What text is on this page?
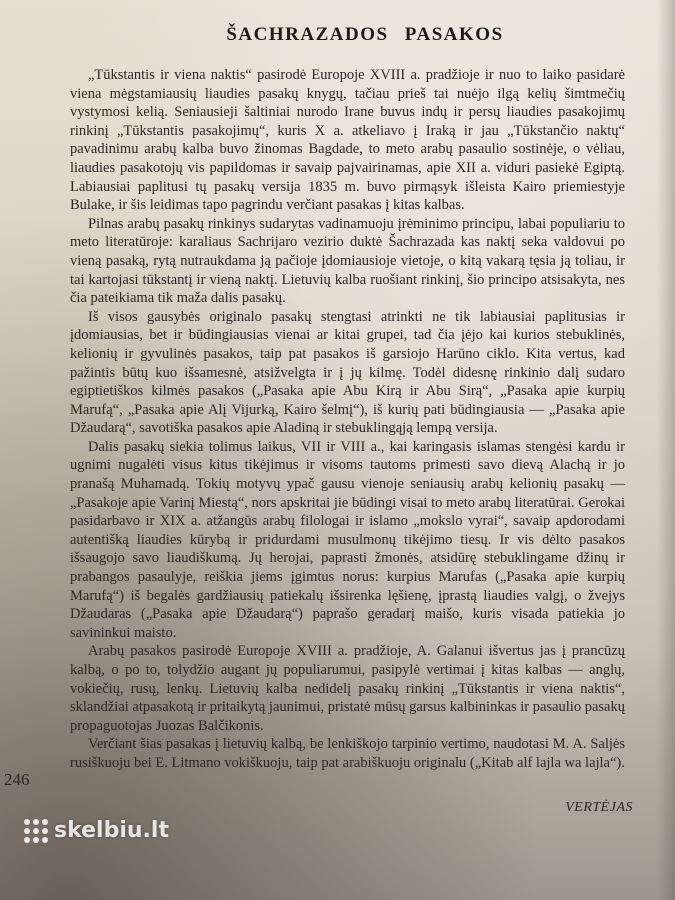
ŠACHRAZADOS PASAKOS

„Tūkstantis ir viena naktis“ pasirodė Europoje XVIII a. pradžioje ir nuo to laiko pasidarė viena mėgstamiausių liaudies pasakų knygų, tačiau prieš tai nuėjo ilgą kelių šimtmečių vystymosi kelią. Seniausieji šaltiniai nurodo Irane buvus indų ir persų liaudies pasakojimų rinkinį „Tūkstantis pasakojimų“, kuris X a. atkeliavo į Iraką ir jau „Tūkstančio naktų“ pavadinimu arabų kalba buvo žinomas Bagdade, to meto arabų pasaulio sostinėje, o vėliau, liaudies pasakotojų vis papildomas ir savaip pajvairinamas, apie XII a. viduri pasiekė Egiptą. Labiausiai paplitusi tų pasakų versija 1835 m. buvo pirmąsyk išleista Kairo priemiestyje Bulake, ir šis leidimas tapo pagrindu verčiant pasakas į kitas kalbas.

Pilnas arabų pasakų rinkinys sudarytas vadinamuoju įrėminimo principu, labai populiariu to meto literatūroje: karaliaus Sachrijaro vezirio duktė Šachrazada kas naktį seka valdovui po vieną pasaką, rytą nutraukdama ją pačioje įdomiausioje vietoje, o kitą vakarą tęsia ją toliau, ir tai kartojasi tūkstantį ir vieną naktį. Lietuvių kalba ruošiant rinkinį, šio principo atsisakyta, nes čia pateikiama tik maža dalis pasakų.

Iš visos gausybės originalo pasakų stengtasi atrinkti ne tik labiausiai paplitusias ir įdomiausias, bet ir būdingiausias vienai ar kitai grupei, tad čia įėjo kai kurios stebuklinės, kelionių ir gyvulinės pasakos, taip pat pasakos iš garsiojo Harūno ciklo. Kita vertus, kad pažintis būtų kuo išsamesnė, atsižvelgta ir į jų kilmę. Todėl didesnę rinkinio dalį sudaro egiptietiškos kilmės pasakos („Pasaka apie Abu Kirą ir Abu Sirą“, „Pasaka apie kurpių Marufą“, „Pasaka apie Alį Vijurką, Kairo šelmį“), iš kurių pati būdingiausia — „Pasaka apie Džaudarą“, savotiška pasakos apie Aladiną ir stebuklingąją lempą versija.

Dalis pasakų siekia tolimus laikus, VII ir VIII a., kai karingasis islamas stengėsi kardu ir ugnimi nugalėti visus kitus tikėjimus ir visoms tautoms primesti savo dievą Alachą ir jo pranašą Muhamadą. Tokių motyvų ypač gausu vienoje seniausių arabų kelionių pasakų — „Pasakoje apie Varinį Miestą“, nors apskritai jie būdingi visai to meto arabų literatūrai. Gerokai pasidarbavo ir XIX a. atžangūs arabų filologai ir islamo „mokslo vyrai“, savaip apdorodami autentišką liaudies kūrybą ir pridurdami musulmonų tikėjimo tiesų. Ir vis dėlto pasakos išsaugojo savo liaudiškumą. Jų herojai, paprasti žmonės, atsidūrę stebuklingame džinų ir prabangos pasaulyje, reiškia jiems įgimtus norus: kurpius Marufas („Pasaka apie kurpių Marufą“) iš begalės gardžiausių patiekalų išsirenka lęšienę, įprastą liaudies valgį, o žvejys Džaudaras („Pasaka apie Džaudarą“) paprašo geradarį maišo, kuris visada patiekia jo savininkui maisto.

Arabų pasakos pasirodė Europoje XVIII a. pradžioje, A. Galanui išvertus jas į prancūzų kalbą, o po to, tolydžio augant jų populiarumui, pasipylė vertimai į kitas kalbas — anglų, vokiečių, rusų, lenkų. Lietuvių kalba nedidelį pasakų rinkinį „Tūkstantis ir viena naktis“, sklandžiai atpasakotą ir pritaikytą jaunimui, pristatė mūsų garsus kalbininkas ir pasaulio pasakų propaguotojas Juozas Balčikonis.

Verčiant šias pasakas į lietuvių kalbą, be lenkiškojo tarpinio vertimo, naudotasi M. A. Saljės rusiškuoju bei E. Litmano vokiškuoju, taip pat arabiškuoju originalu („Kitab alf lajla wa lajla“).

246
VERTĖJAS
skelbiu.lt
